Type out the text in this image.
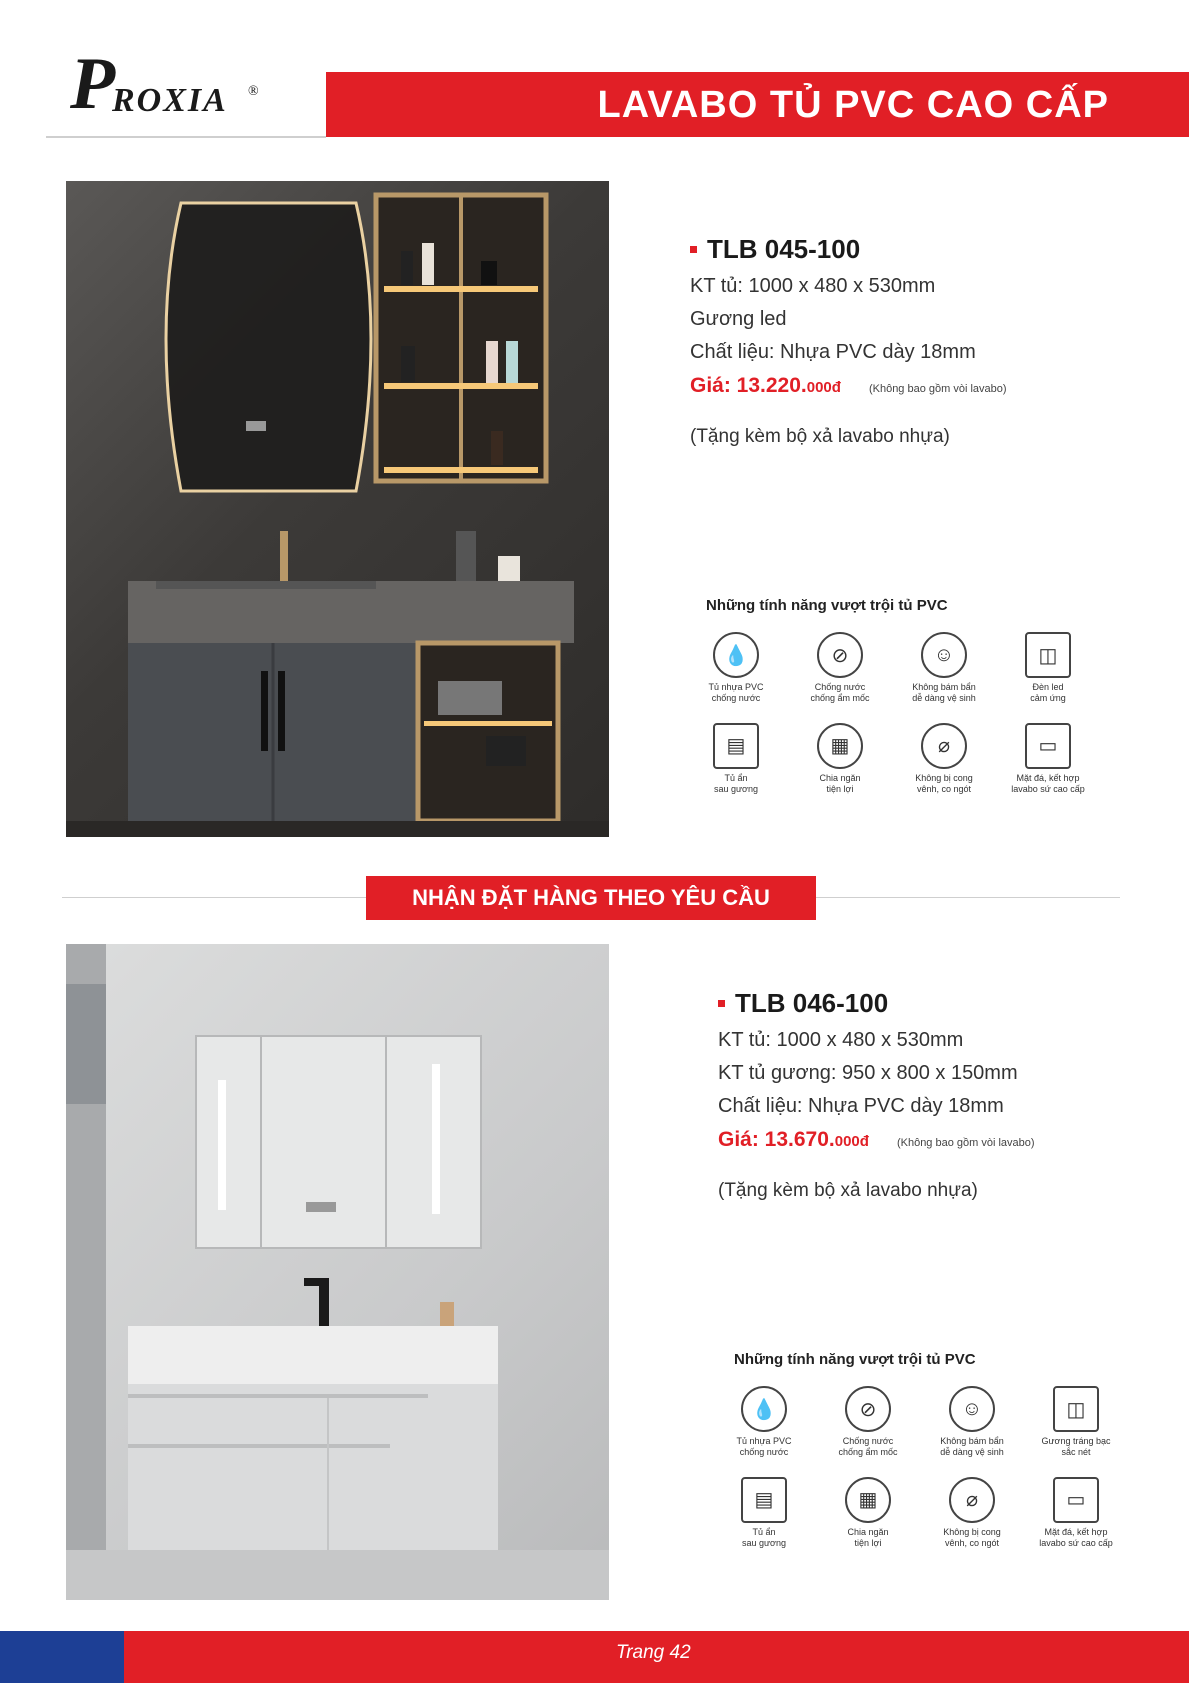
P
ROXIA ®	LAVABO TỦ PVC CAO CẤP
TLB 045-100
KT tủ: 1000 x 480 x 530mm
Gương led
Chất liệu: Nhựa PVC dày 18mm
Giá: 13.220.000đ	(Không bao gồm vòi lavabo)
(Tặng kèm bộ xả lavabo nhựa)
Những tính năng vượt trội tủ PVC
💧
Tủ nhựa PVC
chống nước
⊘
Chống nước
chống ẩm mốc
☺
Không bám bẩn
dễ dàng vệ sinh
◫
Đèn led
cảm ứng
▤
Tủ ẩn
sau gương
▦
Chia ngăn
tiện lợi
⌀
Không bị cong
vênh, co ngót
▭
Mặt đá, kết hợp
lavabo sứ cao cấp
NHẬN ĐẶT HÀNG THEO YÊU CẦU
TLB 046-100
KT tủ: 1000 x 480 x 530mm
KT tủ gương: 950 x 800 x 150mm
Chất liệu: Nhựa PVC dày 18mm
Giá: 13.670.000đ	(Không bao gồm vòi lavabo)
(Tặng kèm bộ xả lavabo nhựa)
Những tính năng vượt trội tủ PVC
💧
Tủ nhựa PVC
chống nước
⊘
Chống nước
chống ẩm mốc
☺
Không bám bẩn
dễ dàng vệ sinh
◫
Gương tráng bạc
sắc nét
▤
Tủ ẩn
sau gương
▦
Chia ngăn
tiện lợi
⌀
Không bị cong
vênh, co ngót
▭
Mặt đá, kết hợp
lavabo sứ cao cấp
Trang 42
